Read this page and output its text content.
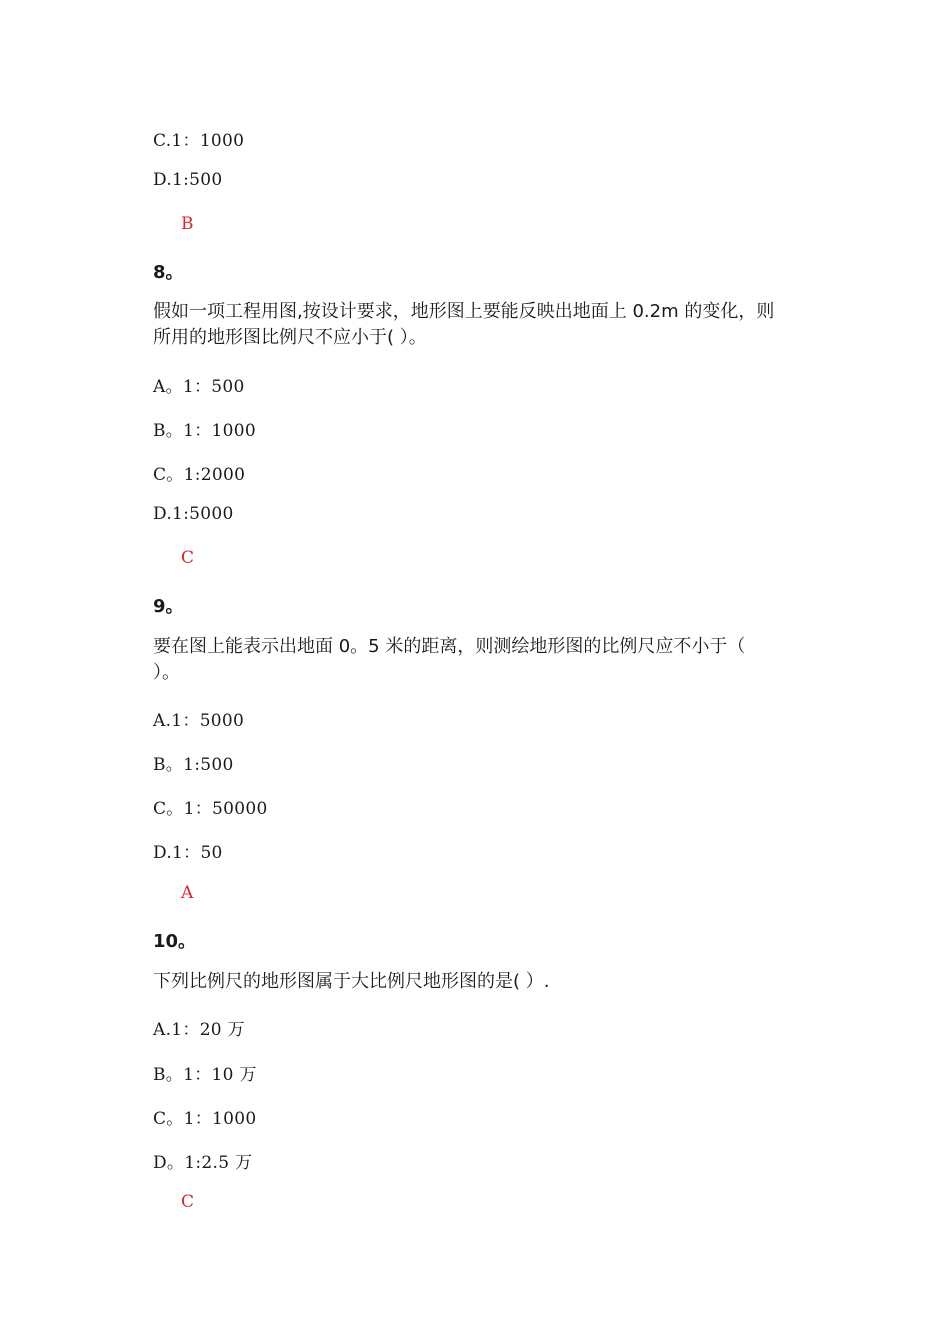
C.1：1000
D.1:500
B
8。
假如一项工程用图,按设计要求，地形图上要能反映出地面上 0.2m 的变化，则
所用的地形图比例尺不应小于( ）。
A。1：500
B。1：1000
C。1:2000
D.1:5000
C
9。
要在图上能表示出地面 0。5 米的距离，则测绘地形图的比例尺应不小于（
）。
A.1：5000
B。1:500
C。1：50000
D.1：50
A
10。
下列比例尺的地形图属于大比例尺地形图的是( ）.
A.1：20 万
B。1：10 万
C。1：1000
D。1:2.5 万
C
